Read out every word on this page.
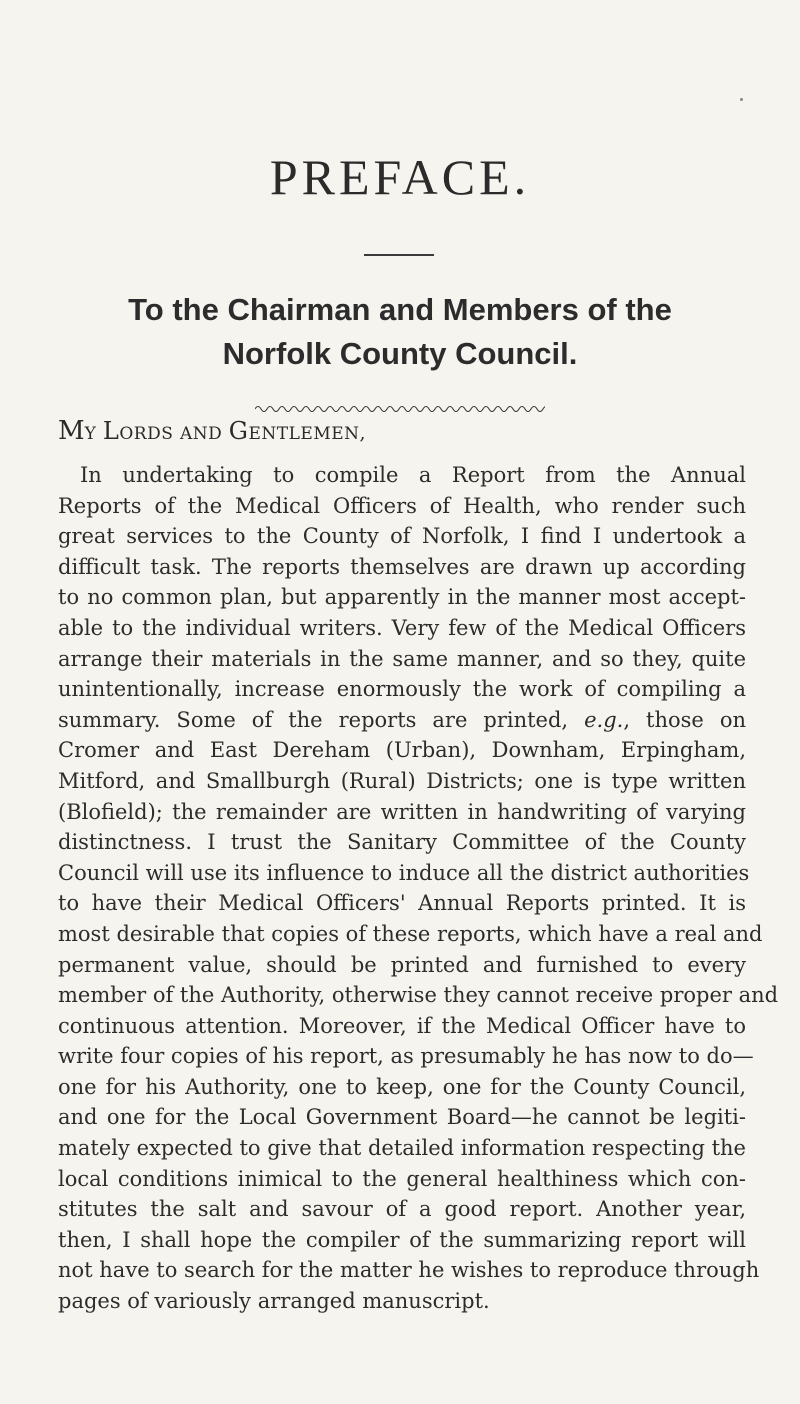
PREFACE.
To the Chairman and Members of the
Norfolk County Council.
MY LORDS AND GENTLEMEN,
In undertaking to compile a Report from the Annual
Reports of the Medical Officers of Health, who render such
great services to the County of Norfolk, I find I undertook a
difficult task. The reports themselves are drawn up according
to no common plan, but apparently in the manner most accept-
able to the individual writers. Very few of the Medical Officers
arrange their materials in the same manner, and so they, quite
unintentionally, increase enormously the work of compiling a
summary. Some of the reports are printed, e.g., those on
Cromer and East Dereham (Urban), Downham, Erpingham,
Mitford, and Smallburgh (Rural) Districts; one is type written
(Blofield); the remainder are written in handwriting of varying
distinctness. I trust the Sanitary Committee of the County
Council will use its influence to induce all the district authorities
to have their Medical Officers' Annual Reports printed. It is
most desirable that copies of these reports, which have a real and
permanent value, should be printed and furnished to every
member of the Authority, otherwise they cannot receive proper and
continuous attention. Moreover, if the Medical Officer have to
write four copies of his report, as presumably he has now to do—
one for his Authority, one to keep, one for the County Council,
and one for the Local Government Board—he cannot be legiti-
mately expected to give that detailed information respecting the
local conditions inimical to the general healthiness which con-
stitutes the salt and savour of a good report. Another year,
then, I shall hope the compiler of the summarizing report will
not have to search for the matter he wishes to reproduce through
pages of variously arranged manuscript.
